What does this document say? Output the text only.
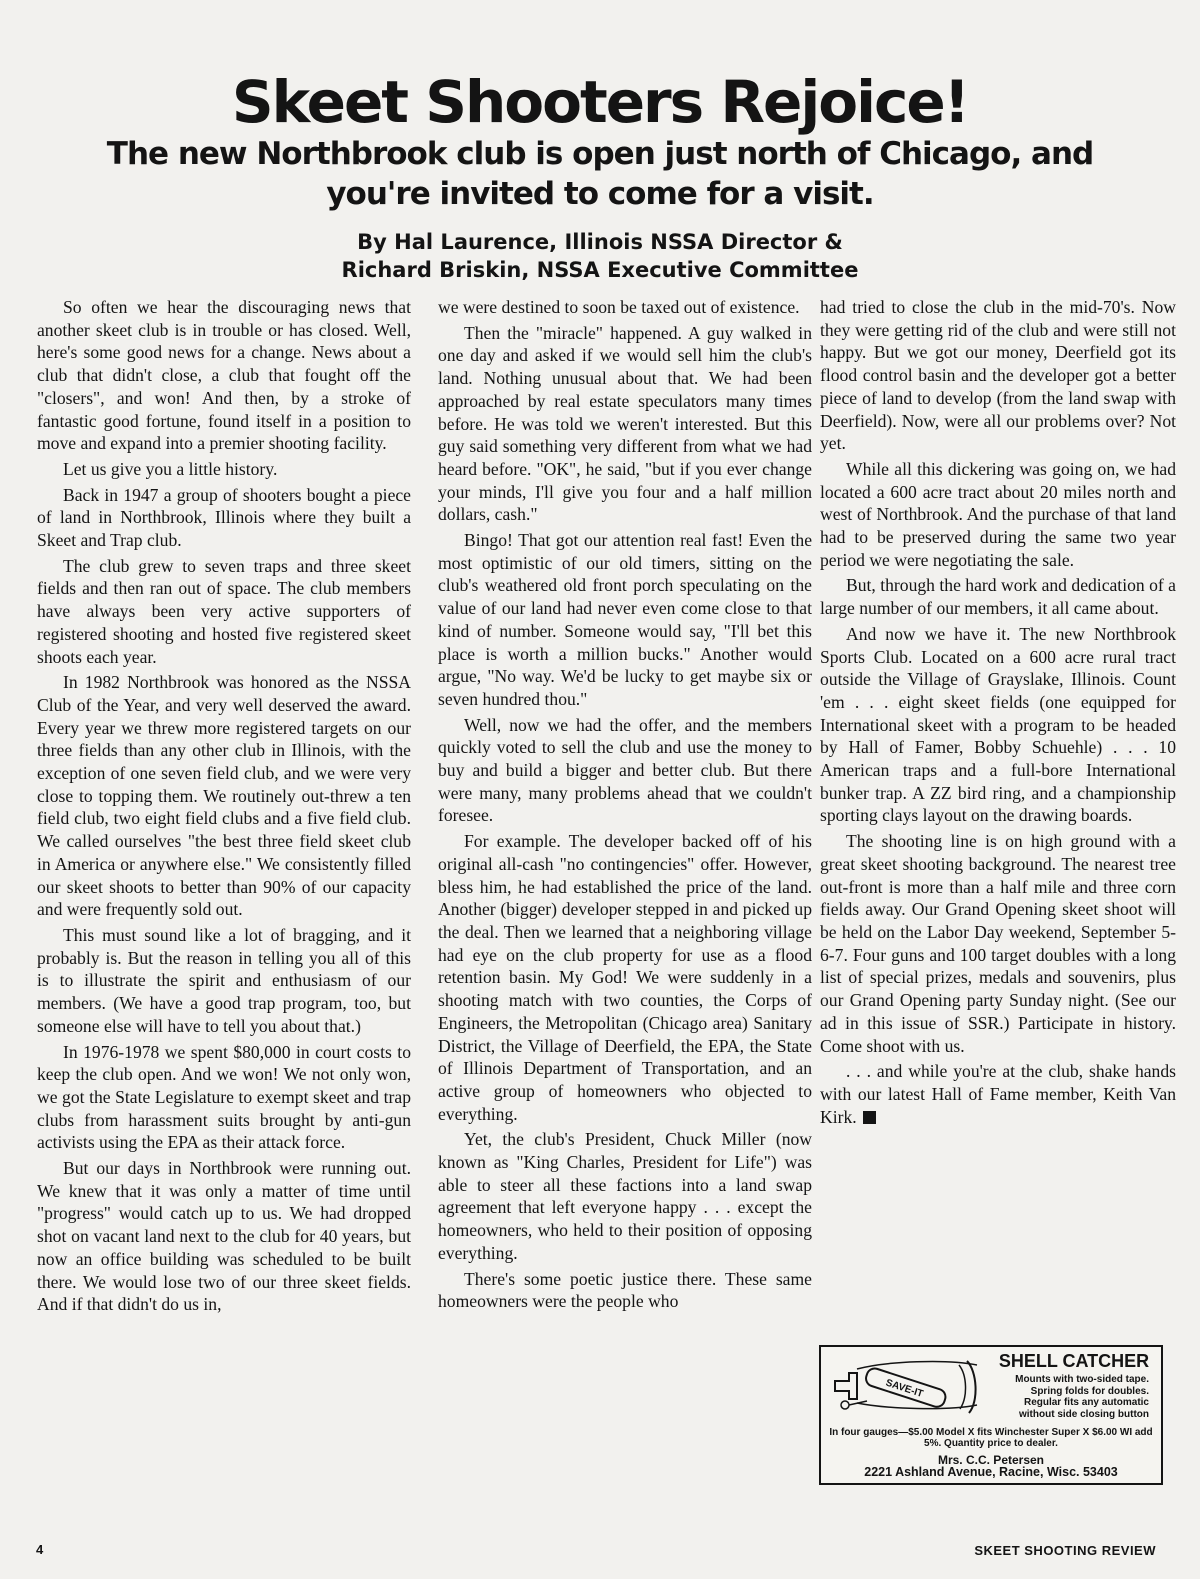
Skeet Shooters Rejoice!
The new Northbrook club is open just north of Chicago, and you're invited to come for a visit.
By Hal Laurence, Illinois NSSA Director &
Richard Briskin, NSSA Executive Committee

So often we hear the discouraging news that another skeet club is in trouble or has closed. Well, here's some good news for a change. News about a club that didn't close, a club that fought off the "closers", and won! And then, by a stroke of fantastic good fortune, found itself in a position to move and expand into a premier shooting facility.

Let us give you a little history.

Back in 1947 a group of shooters bought a piece of land in Northbrook, Illinois where they built a Skeet and Trap club.

The club grew to seven traps and three skeet fields and then ran out of space. The club members have always been very active supporters of registered shooting and hosted five registered skeet shoots each year.

In 1982 Northbrook was honored as the NSSA Club of the Year, and very well deserved the award. Every year we threw more registered targets on our three fields than any other club in Illinois, with the exception of one seven field club, and we were very close to topping them. We routinely out-threw a ten field club, two eight field clubs and a five field club. We called ourselves "the best three field skeet club in America or anywhere else." We consistently filled our skeet shoots to better than 90% of our capacity and were frequently sold out.

This must sound like a lot of bragging, and it probably is. But the reason in telling you all of this is to illustrate the spirit and enthusiasm of our members. (We have a good trap program, too, but someone else will have to tell you about that.)

In 1976-1978 we spent $80,000 in court costs to keep the club open. And we won! We not only won, we got the State Legislature to exempt skeet and trap clubs from harassment suits brought by anti-gun activists using the EPA as their attack force.

But our days in Northbrook were running out. We knew that it was only a matter of time until "progress" would catch up to us. We had dropped shot on vacant land next to the club for 40 years, but now an office building was scheduled to be built there. We would lose two of our three skeet fields. And if that didn't do us in,

we were destined to soon be taxed out of existence.

Then the "miracle" happened. A guy walked in one day and asked if we would sell him the club's land. Nothing unusual about that. We had been approached by real estate speculators many times before. He was told we weren't interested. But this guy said something very different from what we had heard before. "OK", he said, "but if you ever change your minds, I'll give you four and a half million dollars, cash."

Bingo! That got our attention real fast! Even the most optimistic of our old timers, sitting on the club's weathered old front porch speculating on the value of our land had never even come close to that kind of number. Someone would say, "I'll bet this place is worth a million bucks." Another would argue, "No way. We'd be lucky to get maybe six or seven hundred thou."

Well, now we had the offer, and the members quickly voted to sell the club and use the money to buy and build a bigger and better club. But there were many, many problems ahead that we couldn't foresee.

For example. The developer backed off of his original all-cash "no contingencies" offer. However, bless him, he had established the price of the land. Another (bigger) developer stepped in and picked up the deal. Then we learned that a neighboring village had eye on the club property for use as a flood retention basin. My God! We were suddenly in a shooting match with two counties, the Corps of Engineers, the Metropolitan (Chicago area) Sanitary District, the Village of Deerfield, the EPA, the State of Illinois Department of Transportation, and an active group of homeowners who objected to everything.

Yet, the club's President, Chuck Miller (now known as "King Charles, President for Life") was able to steer all these factions into a land swap agreement that left everyone happy . . . except the homeowners, who held to their position of opposing everything.

There's some poetic justice there. These same homeowners were the people who

had tried to close the club in the mid-70's. Now they were getting rid of the club and were still not happy. But we got our money, Deerfield got its flood control basin and the developer got a better piece of land to develop (from the land swap with Deerfield). Now, were all our problems over? Not yet.

While all this dickering was going on, we had located a 600 acre tract about 20 miles north and west of Northbrook. And the purchase of that land had to be preserved during the same two year period we were negotiating the sale.

But, through the hard work and dedication of a large number of our members, it all came about.

And now we have it. The new Northbrook Sports Club. Located on a 600 acre rural tract outside the Village of Grayslake, Illinois. Count 'em . . . eight skeet fields (one equipped for International skeet with a program to be headed by Hall of Famer, Bobby Schuehle) . . . 10 American traps and a full-bore International bunker trap. A ZZ bird ring, and a championship sporting clays layout on the drawing boards.

The shooting line is on high ground with a great skeet shooting background. The nearest tree out-front is more than a half mile and three corn fields away. Our Grand Opening skeet shoot will be held on the Labor Day weekend, September 5-6-7. Four guns and 100 target doubles with a long list of special prizes, medals and souvenirs, plus our Grand Opening party Sunday night. (See our ad in this issue of SSR.) Participate in history. Come shoot with us.

. . . and while you're at the club, shake hands with our latest Hall of Fame member, Keith Van Kirk.

SAVE-IT
SHELL CATCHER
Mounts with two-sided tape. Spring folds for doubles. Regular fits any automatic without side closing button
In four gauges—$5.00 Model X fits Winchester Super X $6.00 WI add 5%. Quantity price to dealer.
Mrs. C.C. Petersen
2221 Ashland Avenue, Racine, Wisc. 53403
4	SKEET SHOOTING REVIEW
